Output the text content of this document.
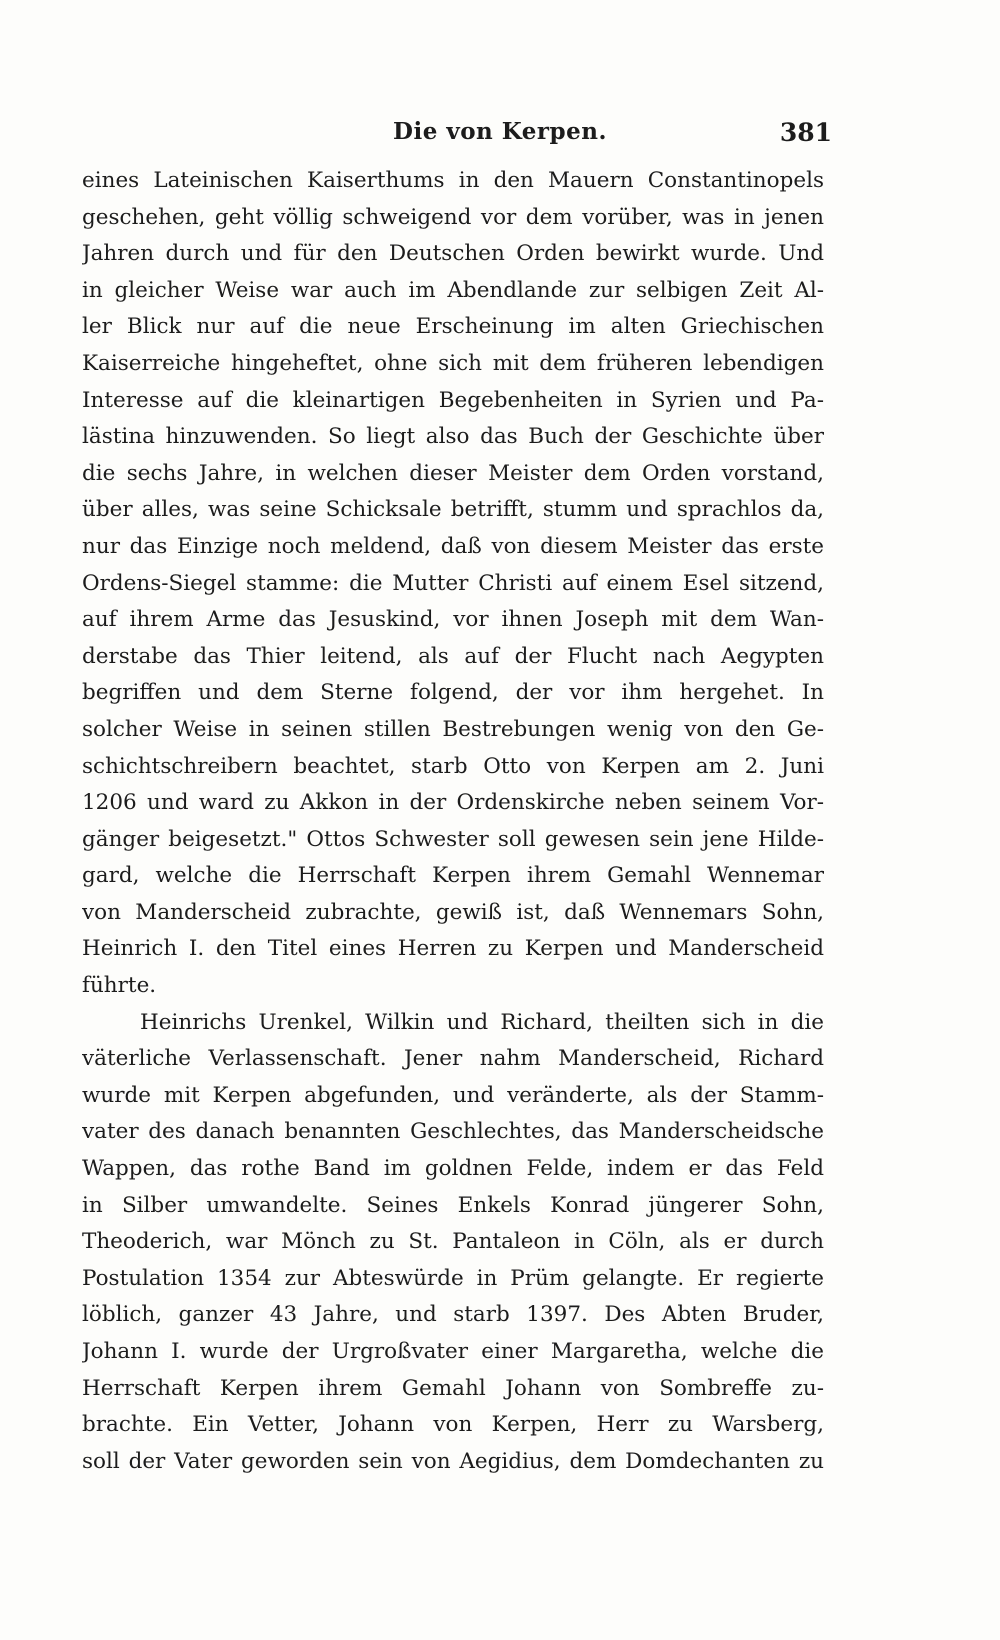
Die von Kerpen.	381
eines Lateinischen Kaiserthums in den Mauern Constantinopels
geschehen, geht völlig schweigend vor dem vorüber, was in jenen
Jahren durch und für den Deutschen Orden bewirkt wurde. Und
in gleicher Weise war auch im Abendlande zur selbigen Zeit Al-
ler Blick nur auf die neue Erscheinung im alten Griechischen
Kaiserreiche hingeheftet, ohne sich mit dem früheren lebendigen
Interesse auf die kleinartigen Begebenheiten in Syrien und Pa-
lästina hinzuwenden. So liegt also das Buch der Geschichte über
die sechs Jahre, in welchen dieser Meister dem Orden vorstand,
über alles, was seine Schicksale betrifft, stumm und sprachlos da,
nur das Einzige noch meldend, daß von diesem Meister das erste
Ordens-Siegel stamme: die Mutter Christi auf einem Esel sitzend,
auf ihrem Arme das Jesuskind, vor ihnen Joseph mit dem Wan-
derstabe das Thier leitend, als auf der Flucht nach Aegypten
begriffen und dem Sterne folgend, der vor ihm hergehet. In
solcher Weise in seinen stillen Bestrebungen wenig von den Ge-
schichtschreibern beachtet, starb Otto von Kerpen am 2. Juni
1206 und ward zu Akkon in der Ordenskirche neben seinem Vor-
gänger beigesetzt." Ottos Schwester soll gewesen sein jene Hilde-
gard, welche die Herrschaft Kerpen ihrem Gemahl Wennemar
von Manderscheid zubrachte, gewiß ist, daß Wennemars Sohn,
Heinrich I. den Titel eines Herren zu Kerpen und Manderscheid
führte.
Heinrichs Urenkel, Wilkin und Richard, theilten sich in die
väterliche Verlassenschaft. Jener nahm Manderscheid, Richard
wurde mit Kerpen abgefunden, und veränderte, als der Stamm-
vater des danach benannten Geschlechtes, das Manderscheidsche
Wappen, das rothe Band im goldnen Felde, indem er das Feld
in Silber umwandelte. Seines Enkels Konrad jüngerer Sohn,
Theoderich, war Mönch zu St. Pantaleon in Cöln, als er durch
Postulation 1354 zur Abteswürde in Prüm gelangte. Er regierte
löblich, ganzer 43 Jahre, und starb 1397. Des Abten Bruder,
Johann I. wurde der Urgroßvater einer Margaretha, welche die
Herrschaft Kerpen ihrem Gemahl Johann von Sombreffe zu-
brachte. Ein Vetter, Johann von Kerpen, Herr zu Warsberg,
soll der Vater geworden sein von Aegidius, dem Domdechanten zu
